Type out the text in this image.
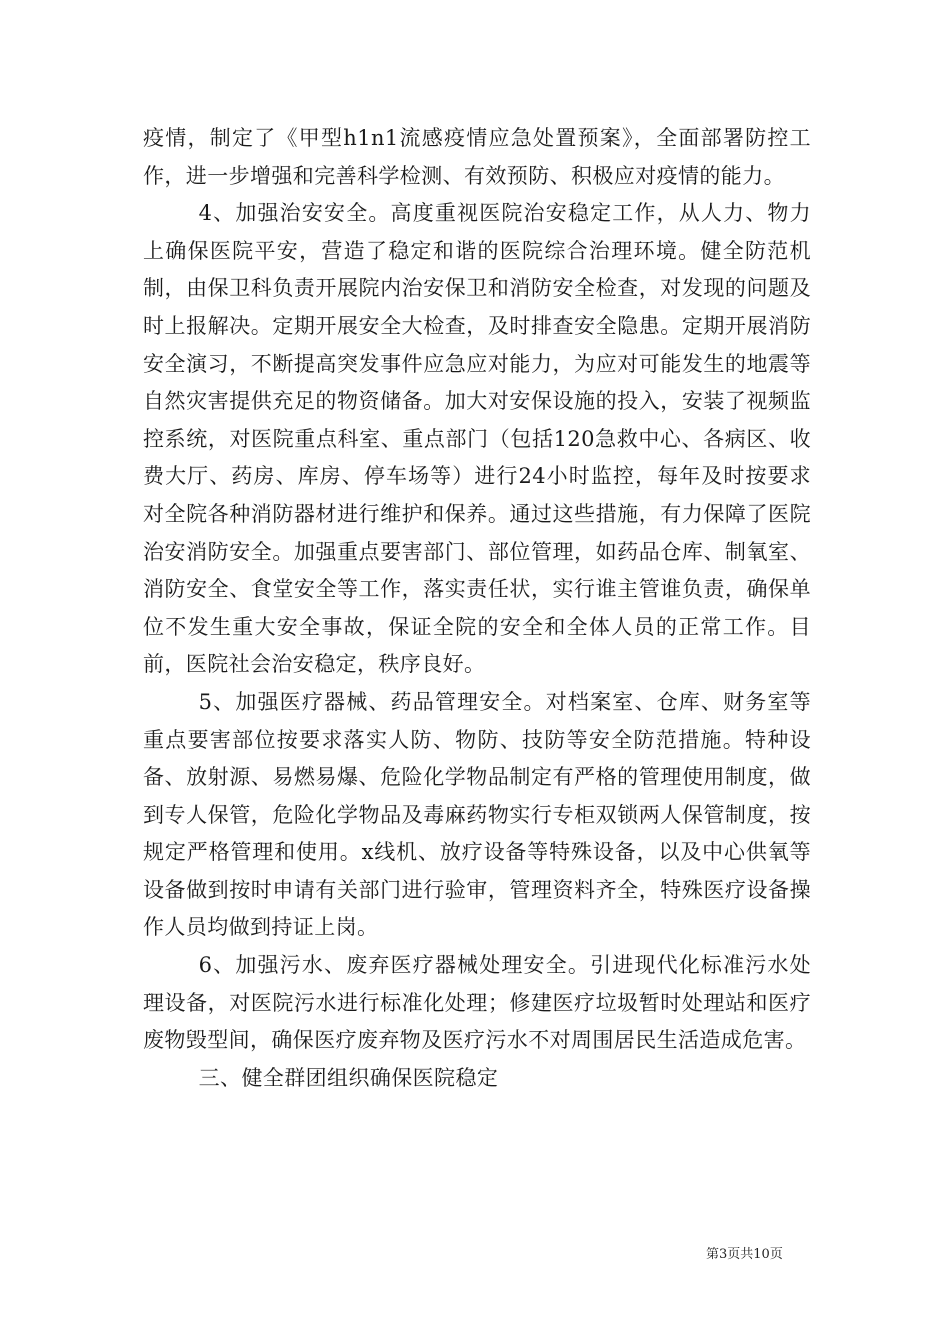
疫情，制定了《甲型h1n1流感疫情应急处置预案》，全面部署防控工作，进一步增强和完善科学检测、有效预防、积极应对疫情的能力。

4、加强治安安全。高度重视医院治安稳定工作，从人力、物力上确保医院平安，营造了稳定和谐的医院综合治理环境。健全防范机制，由保卫科负责开展院内治安保卫和消防安全检查，对发现的问题及时上报解决。定期开展安全大检查，及时排查安全隐患。定期开展消防安全演习，不断提高突发事件应急应对能力，为应对可能发生的地震等自然灾害提供充足的物资储备。加大对安保设施的投入，安装了视频监控系统，对医院重点科室、重点部门（包括120急救中心、各病区、收费大厅、药房、库房、停车场等）进行24小时监控，每年及时按要求对全院各种消防器材进行维护和保养。通过这些措施，有力保障了医院治安消防安全。加强重点要害部门、部位管理，如药品仓库、制氧室、消防安全、食堂安全等工作，落实责任状，实行谁主管谁负责，确保单位不发生重大安全事故，保证全院的安全和全体人员的正常工作。目前，医院社会治安稳定，秩序良好。

5、加强医疗器械、药品管理安全。对档案室、仓库、财务室等重点要害部位按要求落实人防、物防、技防等安全防范措施。特种设备、放射源、易燃易爆、危险化学物品制定有严格的管理使用制度，做到专人保管，危险化学物品及毒麻药物实行专柜双锁两人保管制度，按规定严格管理和使用。x线机、放疗设备等特殊设备，以及中心供氧等设备做到按时申请有关部门进行验审，管理资料齐全，特殊医疗设备操作人员均做到持证上岗。

6、加强污水、废弃医疗器械处理安全。引进现代化标准污水处理设备，对医院污水进行标准化处理；修建医疗垃圾暂时处理站和医疗废物毁型间，确保医疗废弃物及医疗污水不对周围居民生活造成危害。

三、健全群团组织确保医院稳定

第3页共10页
